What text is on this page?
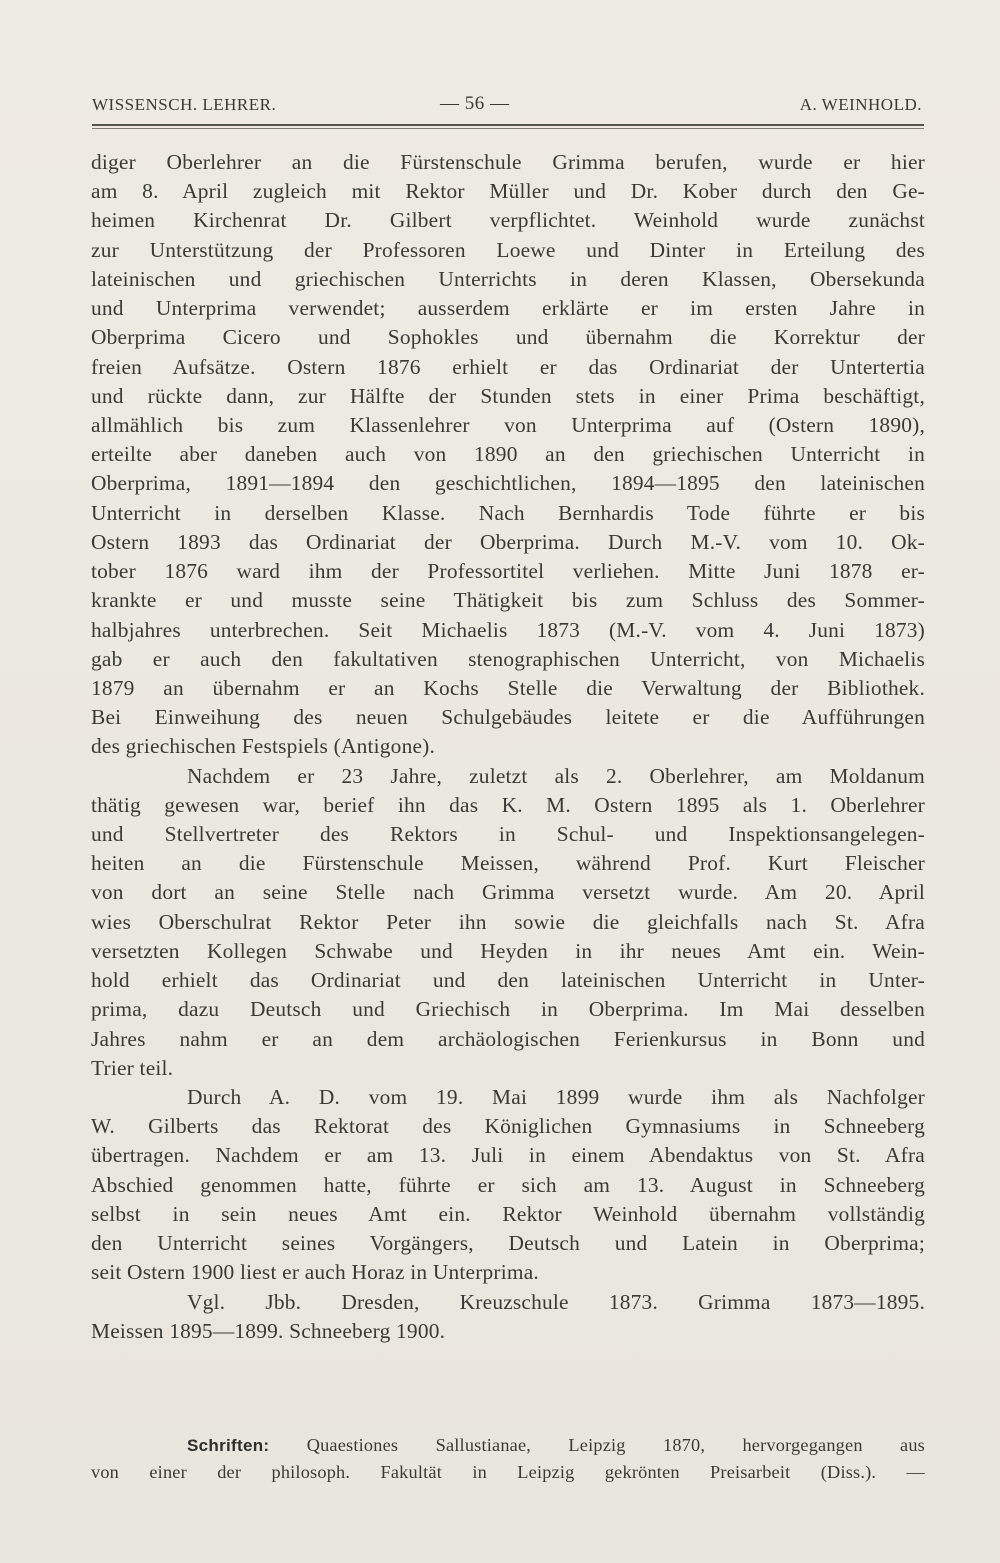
WISSENSCH. LEHRER.	— 56 —	A. WEINHOLD.
diger Oberlehrer an die Fürstenschule Grimma berufen, wurde er hier
am 8. April zugleich mit Rektor Müller und Dr. Kober durch den Ge-
heimen Kirchenrat Dr. Gilbert verpflichtet. Weinhold wurde zunächst
zur Unterstützung der Professoren Loewe und Dinter in Erteilung des
lateinischen und griechischen Unterrichts in deren Klassen, Obersekunda
und Unterprima verwendet; ausserdem erklärte er im ersten Jahre in
Oberprima Cicero und Sophokles und übernahm die Korrektur der
freien Aufsätze. Ostern 1876 erhielt er das Ordinariat der Untertertia
und rückte dann, zur Hälfte der Stunden stets in einer Prima beschäftigt,
allmählich bis zum Klassenlehrer von Unterprima auf (Ostern 1890),
erteilte aber daneben auch von 1890 an den griechischen Unterricht in
Oberprima, 1891—1894 den geschichtlichen, 1894—1895 den lateinischen
Unterricht in derselben Klasse. Nach Bernhardis Tode führte er bis
Ostern 1893 das Ordinariat der Oberprima. Durch M.-V. vom 10. Ok-
tober 1876 ward ihm der Professortitel verliehen. Mitte Juni 1878 er-
krankte er und musste seine Thätigkeit bis zum Schluss des Sommer-
halbjahres unterbrechen. Seit Michaelis 1873 (M.-V. vom 4. Juni 1873)
gab er auch den fakultativen stenographischen Unterricht, von Michaelis
1879 an übernahm er an Kochs Stelle die Verwaltung der Bibliothek.
Bei Einweihung des neuen Schulgebäudes leitete er die Aufführungen
des griechischen Festspiels (Antigone).
Nachdem er 23 Jahre, zuletzt als 2. Oberlehrer, am Moldanum
thätig gewesen war, berief ihn das K. M. Ostern 1895 als 1. Oberlehrer
und Stellvertreter des Rektors in Schul- und Inspektionsangelegen-
heiten an die Fürstenschule Meissen, während Prof. Kurt Fleischer
von dort an seine Stelle nach Grimma versetzt wurde. Am 20. April
wies Oberschulrat Rektor Peter ihn sowie die gleichfalls nach St. Afra
versetzten Kollegen Schwabe und Heyden in ihr neues Amt ein. Wein-
hold erhielt das Ordinariat und den lateinischen Unterricht in Unter-
prima, dazu Deutsch und Griechisch in Oberprima. Im Mai desselben
Jahres nahm er an dem archäologischen Ferienkursus in Bonn und
Trier teil.
Durch A. D. vom 19. Mai 1899 wurde ihm als Nachfolger
W. Gilberts das Rektorat des Königlichen Gymnasiums in Schneeberg
übertragen. Nachdem er am 13. Juli in einem Abendaktus von St. Afra
Abschied genommen hatte, führte er sich am 13. August in Schneeberg
selbst in sein neues Amt ein. Rektor Weinhold übernahm vollständig
den Unterricht seines Vorgängers, Deutsch und Latein in Oberprima;
seit Ostern 1900 liest er auch Horaz in Unterprima.
Vgl. Jbb. Dresden, Kreuzschule 1873. Grimma 1873—1895.
Meissen 1895—1899. Schneeberg 1900.
Schriften: Quaestiones Sallustianae, Leipzig 1870, hervorgegangen aus
von einer der philosoph. Fakultät in Leipzig gekrönten Preisarbeit (Diss.). —
